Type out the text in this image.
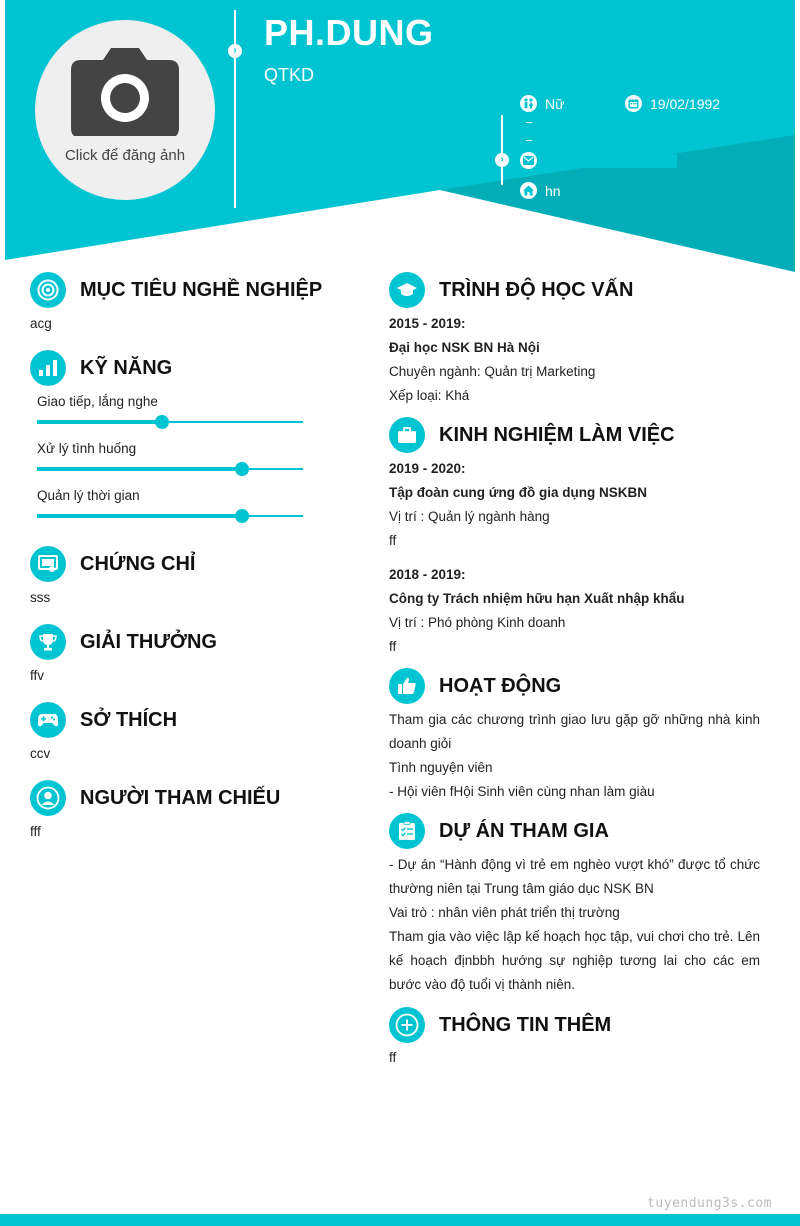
Click để đăng ảnh
› PH.DUNG
QTKD
›
Nữ	19/02/1992
hn
MỤC TIÊU NGHỀ NGHIỆP
acg
KỸ NĂNG
Giao tiếp, lắng nghe
Xử lý tình huống
Quản lý thời gian
CHỨNG CHỈ
sss
GIẢI THƯỞNG
ffv
SỞ THÍCH
ccv
NGƯỜI THAM CHIẾU
fff
TRÌNH ĐỘ HỌC VẤN
2015 - 2019:
Đại học NSK BN Hà Nội
Chuyên ngành: Quản trị Marketing
Xếp loại: Khá
KINH NGHIỆM LÀM VIỆC
2019 - 2020:
Tập đoàn cung ứng đồ gia dụng NSKBN
Vị trí : Quản lý ngành hàng
ff
2018 - 2019:
Công ty Trách nhiệm hữu hạn Xuất nhập khẩu
Vị trí : Phó phòng Kinh doanh
ff
HOẠT ĐỘNG
Tham gia các chương trình giao lưu gặp gỡ những nhà kinh doanh giỏi
Tình nguyện viên
- Hội viên fHội Sinh viên cùng nhan làm giàu
DỰ ÁN THAM GIA
- Dự án “Hành động vì trẻ em nghèo vượt khó” được tổ chức thường niên tại Trung tâm giáo dục NSK BN
Vai trò : nhân viên phát triển thị trường
Tham gia vào việc lập kế hoạch học tập, vui chơi cho trẻ. Lên kế hoạch địnbbh hướng sự nghiệp tương lai cho các em bước vào độ tuổi vị thành niên.
THÔNG TIN THÊM
ff
tuyendung3s.com
